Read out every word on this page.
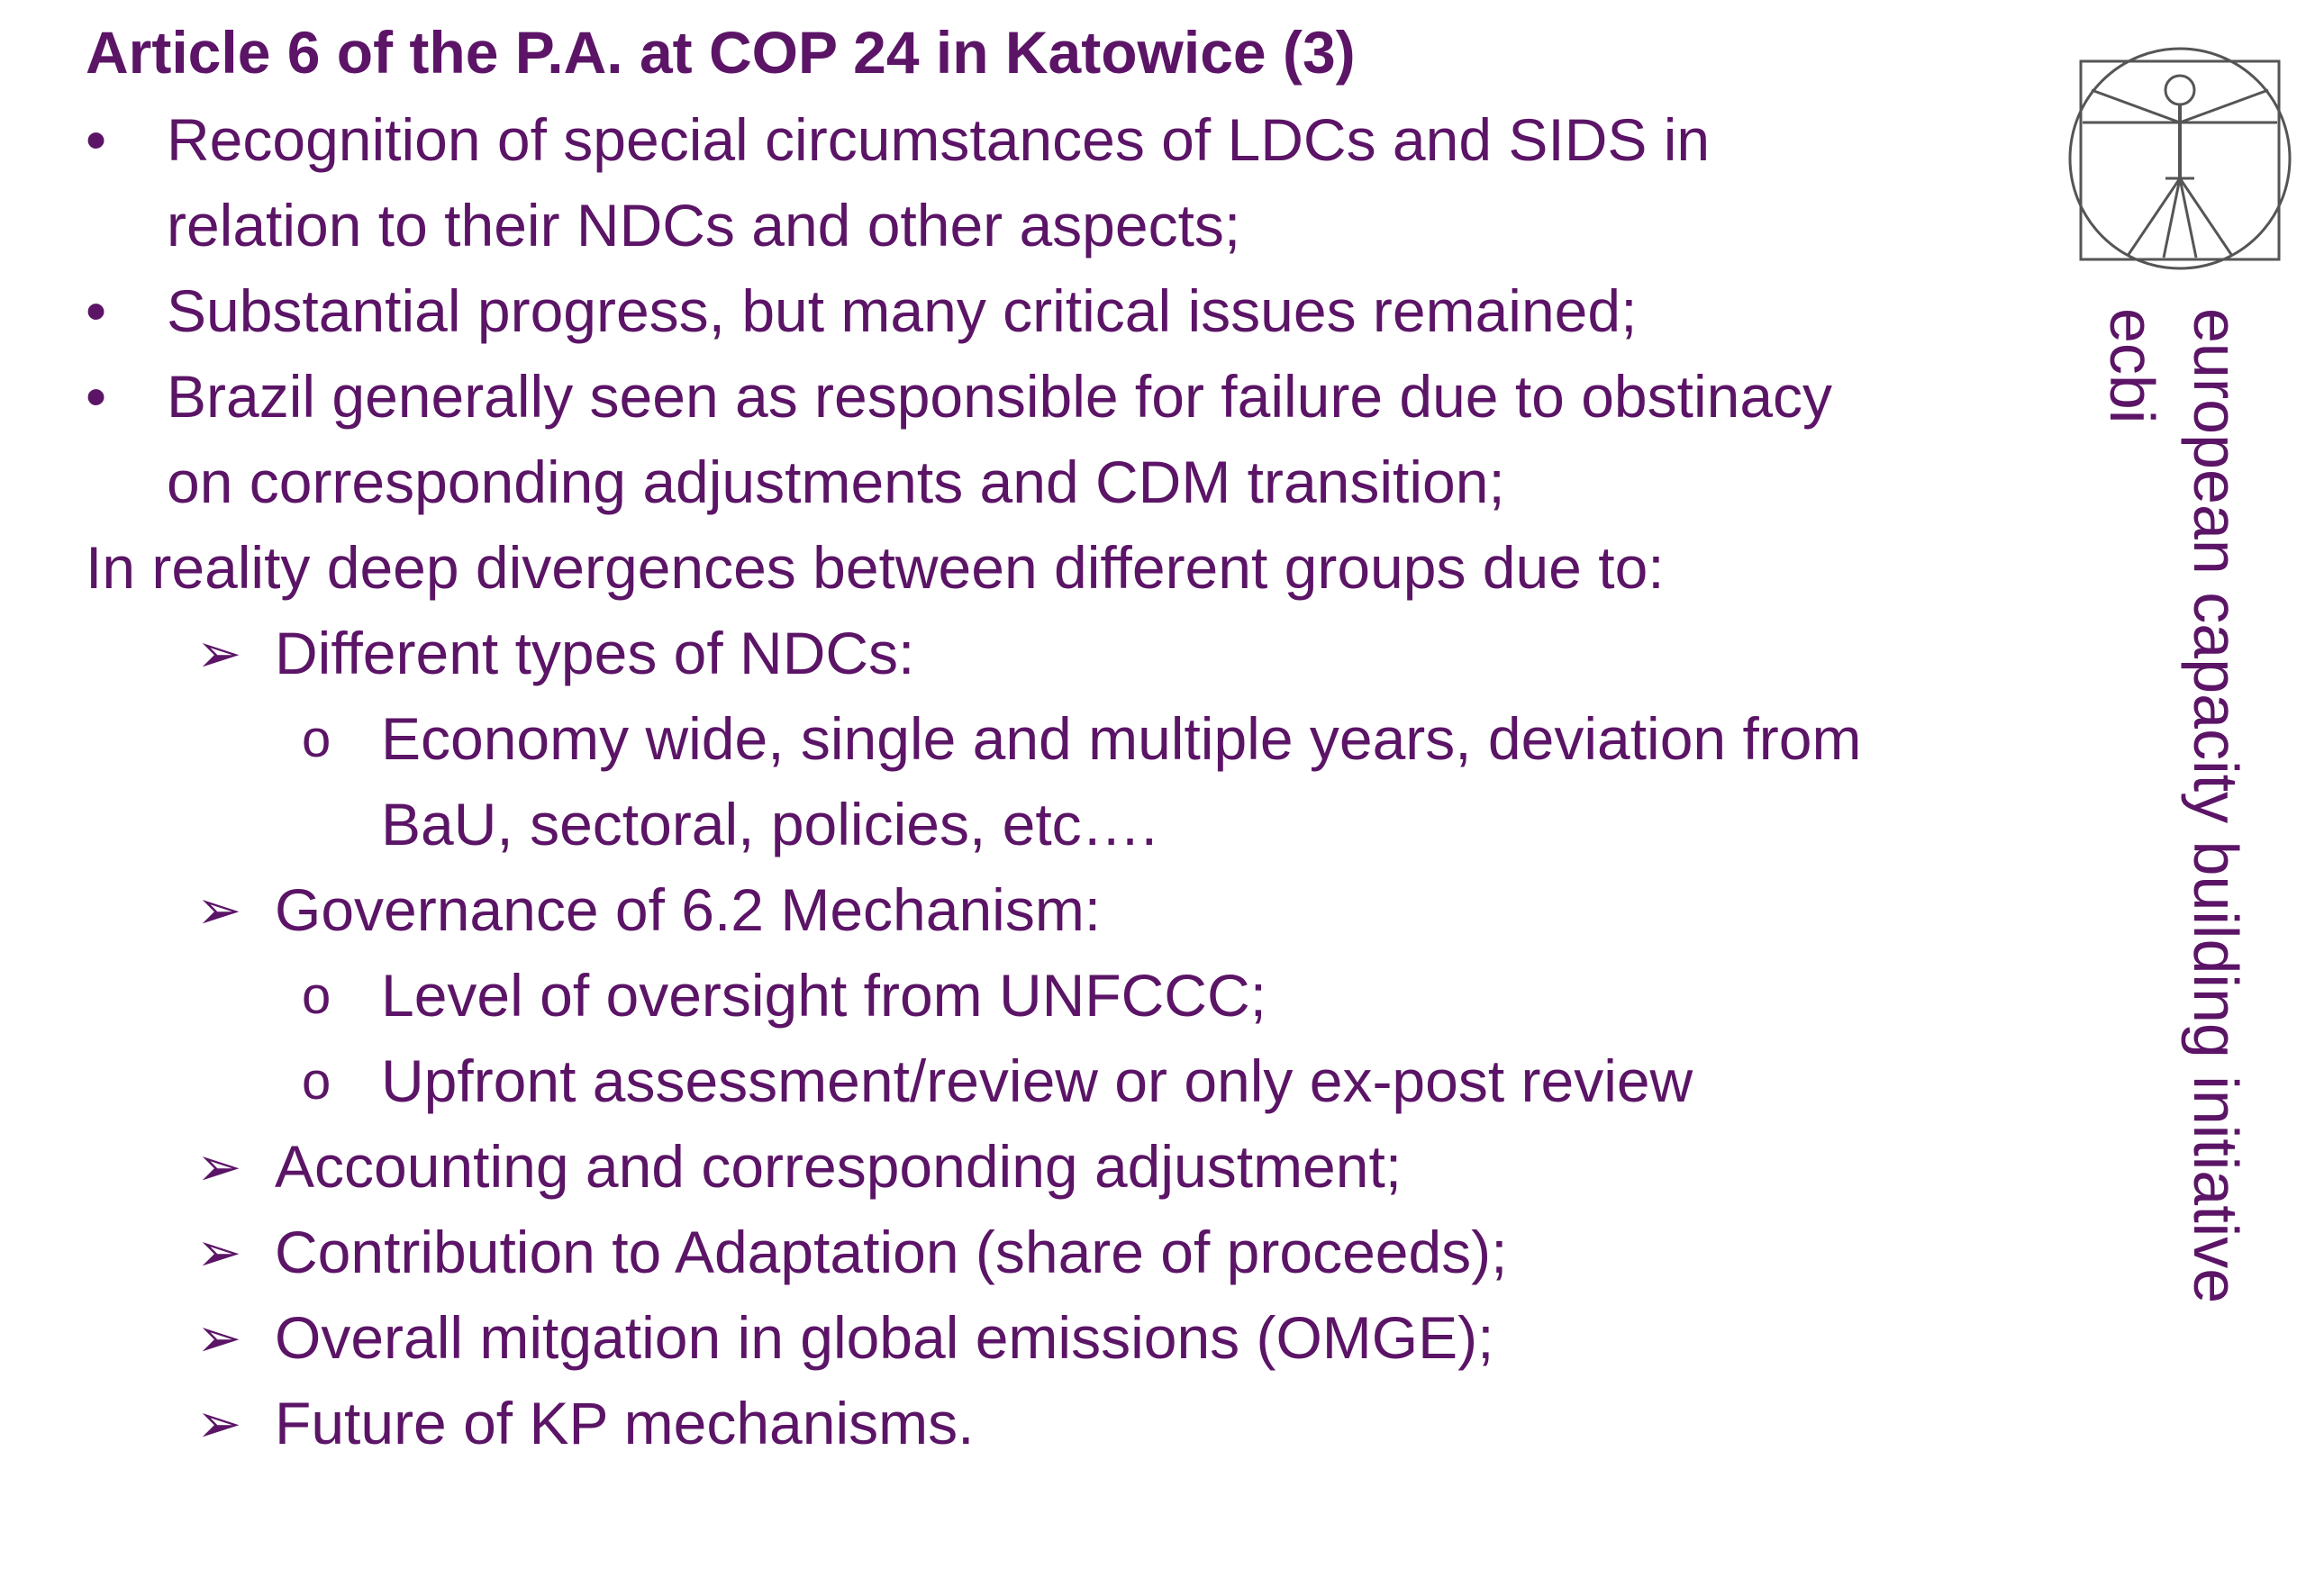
Article 6 of the P.A. at COP 24 in Katowice (3)
• Recognition of special circumstances of LDCs and SIDS in
relation to their NDCs and other aspects;
• Substantial progress, but many critical issues remained;
• Brazil generally seen as responsible for failure due to obstinacy
on corresponding adjustments and CDM transition;
In reality deep divergences between different groups due to:
➢ Different types of NDCs:
o Economy wide, single and multiple years, deviation from
BaU, sectoral, policies, etc….
➢ Governance of 6.2 Mechanism:
o Level of oversight from UNFCCC;
o Upfront assessment/review or only ex-post review
➢ Accounting and corresponding adjustment;
➢ Contribution to Adaptation (share of proceeds);
➢ Overall mitgation in global emissions (OMGE);
➢ Future of KP mechanisms.
european capacity building initiative
ecbi
